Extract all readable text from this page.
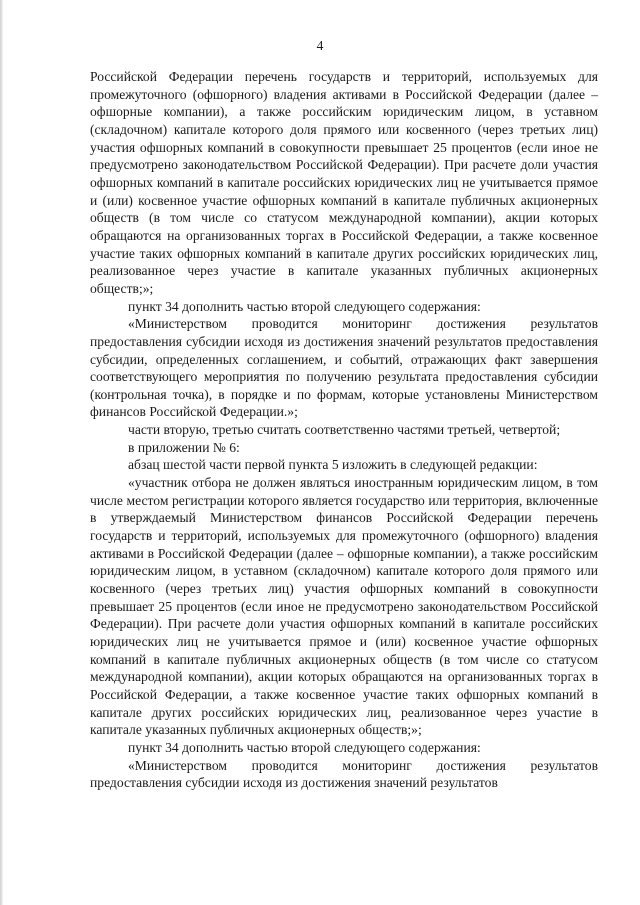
4

Российской Федерации перечень государств и территорий, используемых для промежуточного (офшорного) владения активами в Российской Федерации (далее – офшорные компании), а также российским юридическим лицом, в уставном (складочном) капитале которого доля прямого или косвенного (через третьих лиц) участия офшорных компаний в совокупности превышает 25 процентов (если иное не предусмотрено законодательством Российской Федерации). При расчете доли участия офшорных компаний в капитале российских юридических лиц не учитывается прямое и (или) косвенное участие офшорных компаний в капитале публичных акционерных обществ (в том числе со статусом международной компании), акции которых обращаются на организованных торгах в Российской Федерации, а также косвенное участие таких офшорных компаний в капитале других российских юридических лиц, реализованное через участие в капитале указанных публичных акционерных обществ;»;

пункт 34 дополнить частью второй следующего содержания:

«Министерством проводится мониторинг достижения результатов предоставления субсидии исходя из достижения значений результатов предоставления субсидии, определенных соглашением, и событий, отражающих факт завершения соответствующего мероприятия по получению результата предоставления субсидии (контрольная точка), в порядке и по формам, которые установлены Министерством финансов Российской Федерации.»;

части вторую, третью считать соответственно частями третьей, четвертой;

в приложении № 6:

абзац шестой части первой пункта 5 изложить в следующей редакции:

«участник отбора не должен являться иностранным юридическим лицом, в том числе местом регистрации которого является государство или территория, включенные в утверждаемый Министерством финансов Российской Федерации перечень государств и территорий, используемых для промежуточного (офшорного) владения активами в Российской Федерации (далее – офшорные компании), а также российским юридическим лицом, в уставном (складочном) капитале которого доля прямого или косвенного (через третьих лиц) участия офшорных компаний в совокупности превышает 25 процентов (если иное не предусмотрено законодательством Российской Федерации). При расчете доли участия офшорных компаний в капитале российских юридических лиц не учитывается прямое и (или) косвенное участие офшорных компаний в капитале публичных акционерных обществ (в том числе со статусом международной компании), акции которых обращаются на организованных торгах в Российской Федерации, а также косвенное участие таких офшорных компаний в капитале других российских юридических лиц, реализованное через участие в капитале указанных публичных акционерных обществ;»;

пункт 34 дополнить частью второй следующего содержания:

«Министерством проводится мониторинг достижения результатов предоставления субсидии исходя из достижения значений результатов
